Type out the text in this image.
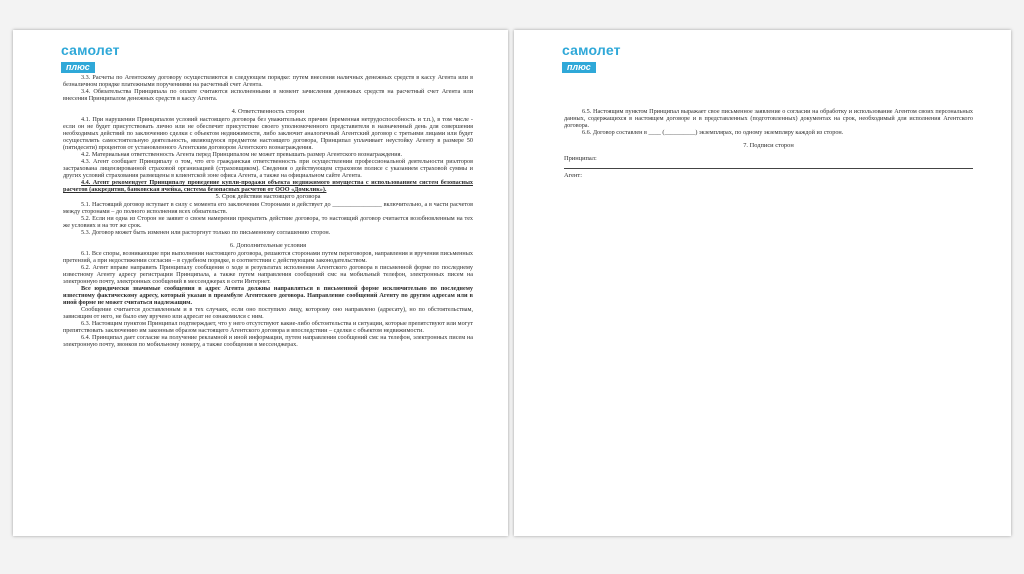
самолет
плюс

3.3. Расчеты по Агентскому договору осуществляются в следующем порядке: путем внесения наличных денежных средств в кассу Агента или в безналичном порядке платежными поручениями на расчетный счет Агента.

3.4. Обязательства Принципала по оплате считаются исполненными в момент зачисления денежных средств на расчетный счет Агента или внесения Принципалом денежных средств в кассу Агента.

4. Ответственность сторон

4.1. При нарушении Принципалом условий настоящего договора без уважительных причин (временная нетрудоспособность и т.п.), в том числе - если он не будет присутствовать лично или не обеспечит присутствие своего уполномоченного представителя в назначенный день для совершения необходимых действий по заключению сделки с объектом недвижимости, либо заключит аналогичный Агентский договор с третьими лицами или будет осуществлять самостоятельную деятельность, являющуюся предметом настоящего договора, Принципал уплачивает неустойку Агенту в размере 50 (пятидесяти) процентов от установленного Агентским договором Агентского вознаграждения.

4.2. Материальная ответственность Агента перед Принципалом не может превышать размер Агентского вознаграждения.

4.3. Агент сообщает Принципалу о том, что его гражданская ответственность при осуществлении профессиональной деятельности риэлторов застрахована лицензированной страховой организацией (страховщиком). Сведения о действующем страховом полисе с указанием страховой суммы и других условий страхования размещены в клиентской зоне офиса Агента, а также на официальном сайте Агента.

4.4. Агент рекомендует Принципалу проведение купли-продажи объекта недвижимого имущества с использованием систем безопасных расчетов (аккредитив, банковская ячейка, система безопасных расчетов от ООО «Домклик»).

5. Срок действия настоящего договора

5.1. Настоящий договор вступает в силу с момента его заключения Сторонами и действует до ________________ включительно, а в части расчетов между сторонами – до полного исполнения всех обязательств.

5.2. Если ни одна из Сторон не заявит о своем намерении прекратить действие договора, то настоящий договор считается возобновленным на тех же условиях и на тот же срок.

5.3. Договор может быть изменен или расторгнут только по письменному соглашению сторон.

6. Дополнительные условия

6.1. Все споры, возникающие при выполнении настоящего договора, решаются сторонами путем переговоров, направления и вручения письменных претензий, а при недостижении согласия – в судебном порядке, в соответствии с действующим законодательством.

6.2. Агент вправе направить Принципалу сообщения о ходе и результатах исполнения Агентского договора в письменной форме по последнему известному Агенту адресу регистрации Принципала, а также путем направления сообщений смс на мобильный телефон, электронных писем на электронную почту, электронных сообщений в мессенджерах в сети Интернет.

Все юридически значимые сообщения в адрес Агента должны направляться в письменной форме исключительно по последнему известному фактическому адресу, который указан в преамбуле Агентского договора. Направление сообщений Агенту по другим адресам или в иной форме не может считаться надлежащим.

Сообщение считается доставленным и в тех случаях, если оно поступило лицу, которому оно направлено (адресату), но по обстоятельствам, зависящим от него, не было ему вручено или адресат не ознакомился с ним.

6.3. Настоящим пунктом Принципал подтверждает, что у него отсутствуют какие-либо обстоятельства и ситуации, которые препятствуют или могут препятствовать заключению им законным образом настоящего Агентского договора и впоследствии – сделки с объектом недвижимости.

6.4. Принципал дает согласие на получение рекламной и иной информации, путем направления сообщений смс на телефон, электронных писем на электронную почту, звонков по мобильному номеру, а также сообщения в мессенджерах.

самолет
плюс

6.5. Настоящим пунктом Принципал выражает свое письменное заявление о согласии на обработку и использование Агентом своих персональных данных, содержащихся в настоящем договоре и в представленных (подготовленных) документах на срок, необходимый для исполнения Агентского договора.

6.6. Договор составлен в ____ (__________) экземплярах, по одному экземпляру каждой из сторон.

7. Подписи сторон

Принципал:

Агент:
